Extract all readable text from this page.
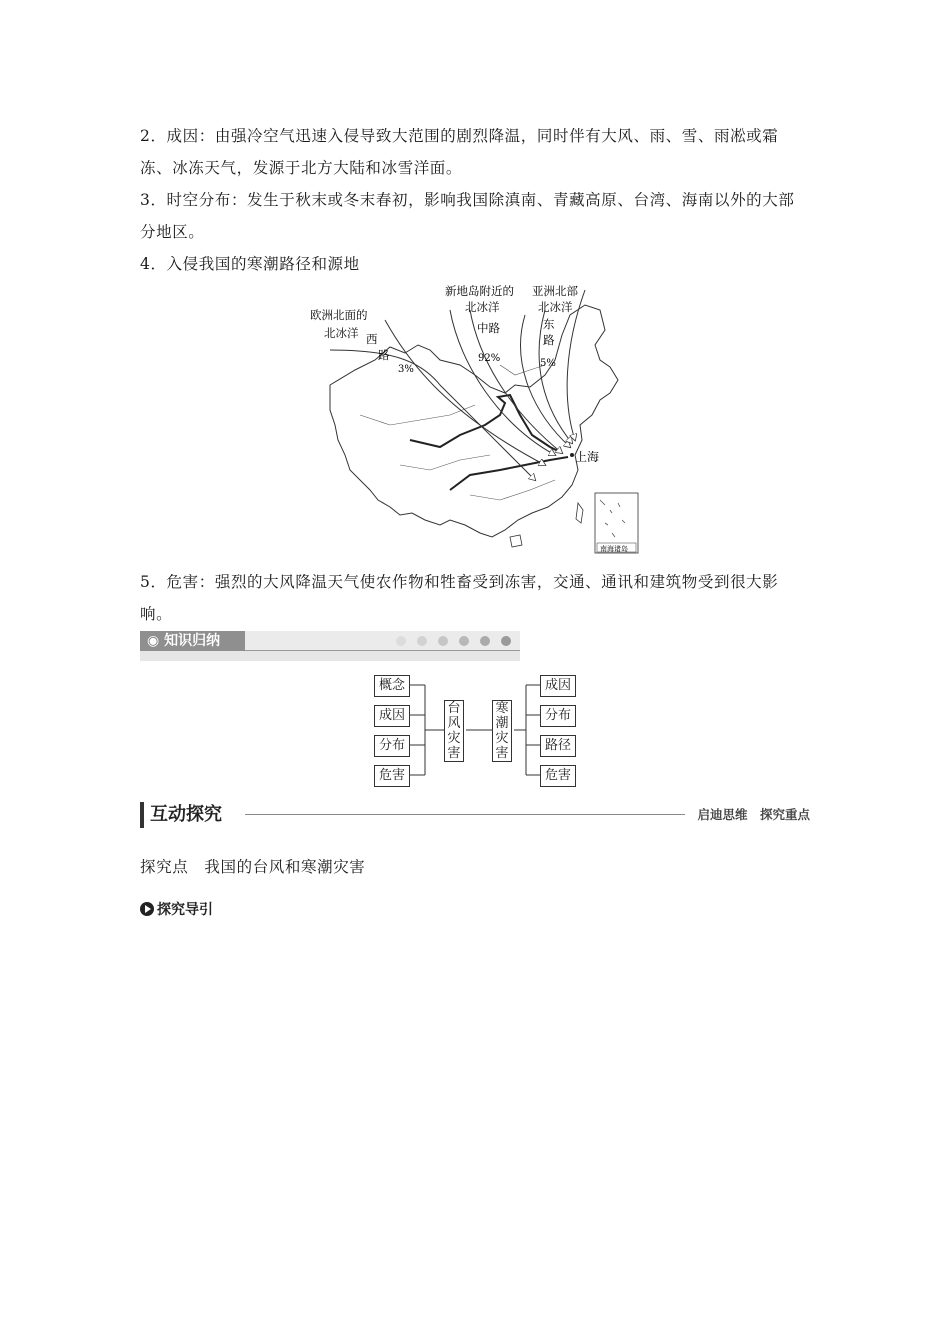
2．成因：由强冷空气迅速入侵导致大范围的剧烈降温，同时伴有大风、雨、雪、雨凇或霜冻、冰冻天气，发源于北方大陆和冰雪洋面。
3．时空分布：发生于秋末或冬末春初，影响我国除滇南、青藏高原、台湾、海南以外的大部分地区。
4．入侵我国的寒潮路径和源地
欧洲北面的
北冰洋 西
路
3%
新地岛附近的
北冰洋
中路
92%
亚洲北部
北冰洋
东
路
5%
上海
南海诸岛
5．危害：强烈的大风降温天气使农作物和牲畜受到冻害，交通、通讯和建筑物受到很大影响。
◉ 知识归纳
概念
成因
分布
危害
台
风
灾
害
寒
潮
灾
害
成因
分布
路径
危害
互动探究	启迪思维　探究重点
探究点　我国的台风和寒潮灾害
探究导引
